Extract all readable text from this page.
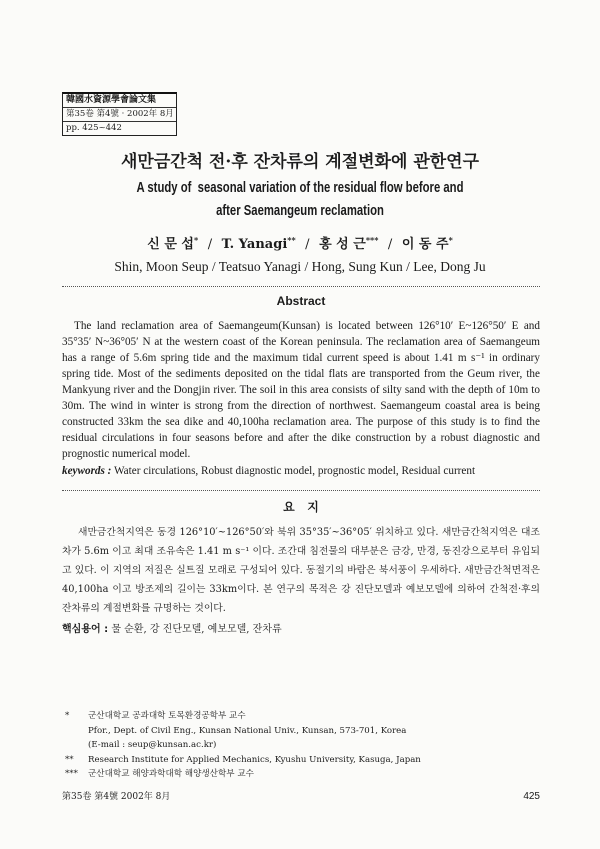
韓國水資源學會論文集
第35卷 第4號 · 2002年 8月
pp. 425~442
새만금간척 전·후 잔차류의 계절변화에 관한연구
A study of  seasonal variation of the residual flow before and
after Saemangeum reclamation
신 문 섭* / T. Yanagi** / 홍 성 근*** / 이 동 주*
Shin, Moon Seup / Teatsuo Yanagi / Hong, Sung Kun / Lee, Dong Ju
Abstract
The land reclamation area of Saemangeum(Kunsan) is located between 126°10′ E~126°50′ E and 35°35′ N~36°05′ N at the western coast of the Korean peninsula. The reclamation area of Saemangeum has a range of 5.6m spring tide and the maximum tidal current speed is about 1.41 m s⁻¹ in ordinary spring tide. Most of the sediments deposited on the tidal flats are transported from the Geum river, the Mankyung river and the Dongjin river. The soil in this area consists of silty sand with the depth of 10m to 30m. The wind in winter is strong from the direction of northwest. Saemangeum coastal area is being constructed 33km the sea dike and 40,100ha reclamation area. The purpose of this study is to find the residual circulations in four seasons before and after the dike construction by a robust diagnostic and prognostic numerical model.
keywords : Water circulations, Robust diagnostic model, prognostic model, Residual current
요   지
새만금간척지역은 동경 126°10′~126°50′와 북위 35°35′~36°05′ 위치하고 있다. 새만금간척지역은 대조차가 5.6m 이고 최대 조유속은 1.41 m s⁻¹ 이다. 조간대 침전물의 대부분은 금강, 만경, 동진강으로부터 유입되고 있다. 이 지역의 저질은 실트질 모래로 구성되어 있다. 동절기의 바람은 북서풍이 우세하다. 새만금간척면적은 40,100ha 이고 방조제의 길이는 33km이다. 본 연구의 목적은 강 진단모델과 예보모델에 의하여 간척전·후의 잔차류의 계절변화를 규명하는 것이다.
핵심용어 : 물 순환, 강 진단모델, 예보모델, 잔차류
* 군산대학교 공과대학 토목환경공학부 교수
Pfor., Dept. of Civil Eng., Kunsan National Univ., Kunsan, 573-701, Korea
(E-mail : seup@kunsan.ac.kr)
** Research Institute for Applied Mechanics, Kyushu University, Kasuga, Japan
*** 군산대학교 해양과학대학 해양생산학부 교수
第35卷 第4號 2002年 8月	425
